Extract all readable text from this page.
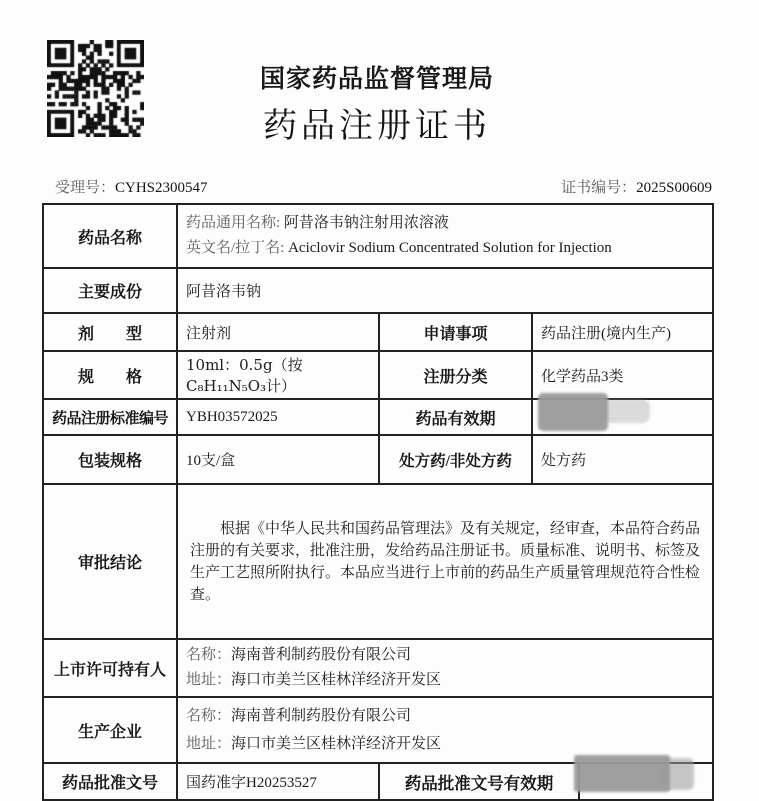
国家药品监督管理局
药品注册证书
受理号：CYHS2300547	证书编号：2025S00609
药品名称	药品通用名称: 阿昔洛韦钠注射用浓溶液
英文名/拉丁名: Aciclovir Sodium Concentrated Solution for Injection			

主要成份	阿昔洛韦钠			
剂　　型	注射剂	申请事项	药品注册(境内生产)	
规　　格	10ml：0.5g（按C₈H₁₁N₅O₃计）	注册分类	化学药品3类	
药品注册标准编号	YBH03572025	药品有效期		
包装规格	10支/盒	处方药/非处方药	处方药	
审批结论	根据《中华人民共和国药品管理法》及有关规定，经审查，本品符合药品注册的有关要求，批准注册，发给药品注册证书。质量标准、说明书、标签及生产工艺照所附执行。本品应当进行上市前的药品生产质量管理规范符合性检查。			

上市许可持有人	名称：海南普利制药股份有限公司
地址：海口市美兰区桂林洋经济开发区			

生产企业	名称：海南普利制药股份有限公司
地址：海口市美兰区桂林洋经济开发区			

药品批准文号	国药准字H20253527	药品批准文号有效期		
